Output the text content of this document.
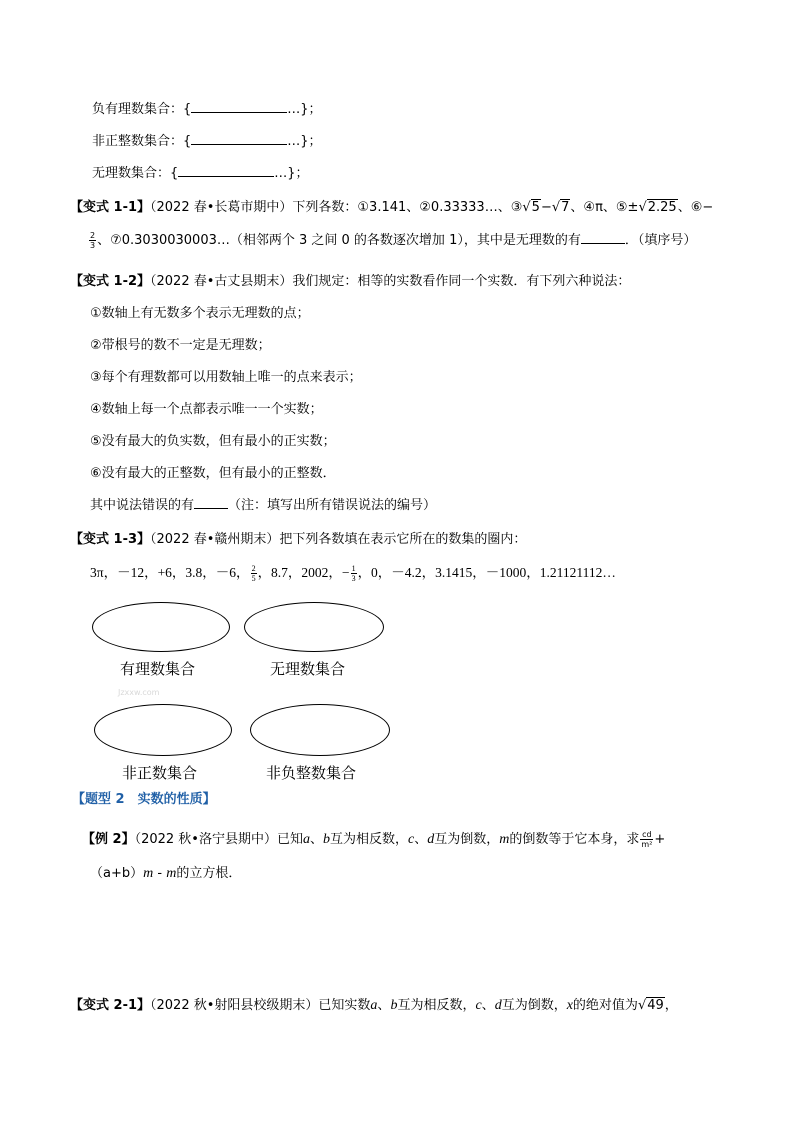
负有理数集合：{	…}；
非正整数集合：{	…}；
无理数集合：{	…}；
【变式 1-1】（2022 春•长葛市期中）下列各数：①3.141、②0.33333…、③√5−√7、④π、⑤±√2.25、⑥−
$\frac{2}{3}$ 、⑦0.3030030003…（相邻两个 3 之间 0 的各数逐次增加 1），其中是无理数的有	．（填序号）
【变式 1-2】（2022 春•古丈县期末）我们规定：相等的实数看作同一个实数．有下列六种说法：
①数轴上有无数多个表示无理数的点；
②带根号的数不一定是无理数；
③每个有理数都可以用数轴上唯一的点来表示；
④数轴上每一个点都表示唯一一个实数；
⑤没有最大的负实数，但有最小的正实数；
⑥没有最大的正整数，但有最小的正整数．
其中说法错误的有	（注：填写出所有错误说法的编号）
【变式 1-3】（2022 春•赣州期末）把下列各数填在表示它所在的数集的圈内：
3π，－12，+6，3.8，－6， $\frac{2}{5}$ ，8.7，2002，− $\frac{1}{3}$ ，0，－4.2，3.1415，－1000，1.21121112…
有理数集合	无理数集合
Jzxxw.com
非正数集合	非负整数集合
【题型 2　实数的性质】
【例 2】（2022 秋•洛宁县期中）已知a、b互为相反数，c、d互为倒数，m的倒数等于它本身，求 $\frac{cd}{\text{m²}}$ +
（a+b）m - m的立方根．
【变式 2-1】（2022 秋•射阳县校级期末）已知实数a、b互为相反数，c、d互为倒数，x的绝对值为√49，
